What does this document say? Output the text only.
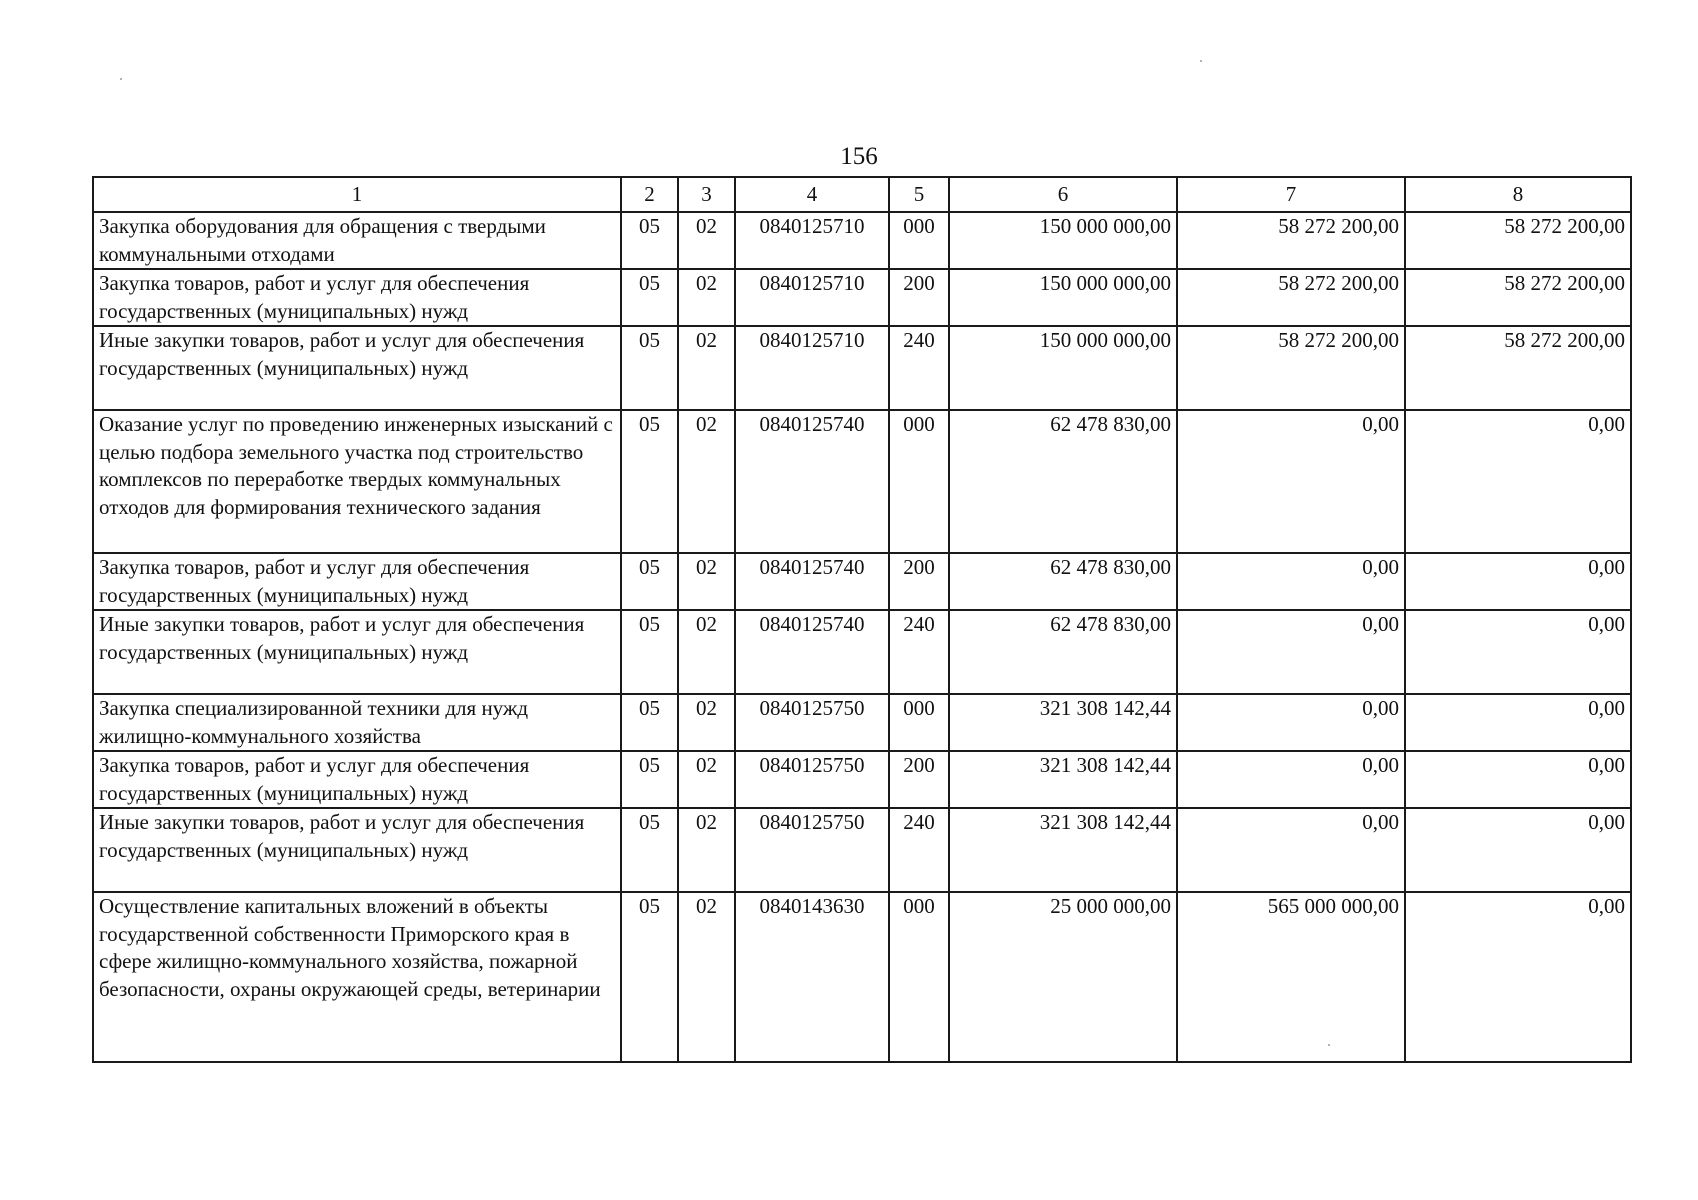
156
1	2	3	4	5	6	7	8
Закупка оборудования для обращения с твердыми коммунальными отходами	05	02	0840125710	000	150 000 000,00	58 272 200,00	58 272 200,00
Закупка товаров, работ и услуг для обеспечения государственных (муниципальных) нужд	05	02	0840125710	200	150 000 000,00	58 272 200,00	58 272 200,00
Иные закупки товаров, работ и услуг для обеспечения государственных (муниципальных) нужд	05	02	0840125710	240	150 000 000,00	58 272 200,00	58 272 200,00
Оказание услуг по проведению инженерных изысканий с целью подбора земельного участка под строительство комплексов по переработке твердых коммунальных отходов для формирования технического задания	05	02	0840125740	000	62 478 830,00	0,00	0,00
Закупка товаров, работ и услуг для обеспечения государственных (муниципальных) нужд	05	02	0840125740	200	62 478 830,00	0,00	0,00
Иные закупки товаров, работ и услуг для обеспечения государственных (муниципальных) нужд	05	02	0840125740	240	62 478 830,00	0,00	0,00
Закупка специализированной техники для нужд жилищно-коммунального хозяйства	05	02	0840125750	000	321 308 142,44	0,00	0,00
Закупка товаров, работ и услуг для обеспечения государственных (муниципальных) нужд	05	02	0840125750	200	321 308 142,44	0,00	0,00
Иные закупки товаров, работ и услуг для обеспечения государственных (муниципальных) нужд	05	02	0840125750	240	321 308 142,44	0,00	0,00
Осуществление капитальных вложений в объекты государственной собственности Приморского края в сфере жилищно-коммунального хозяйства, пожарной безопасности, охраны окружающей среды, ветеринарии	05	02	0840143630	000	25 000 000,00	565 000 000,00	0,00
